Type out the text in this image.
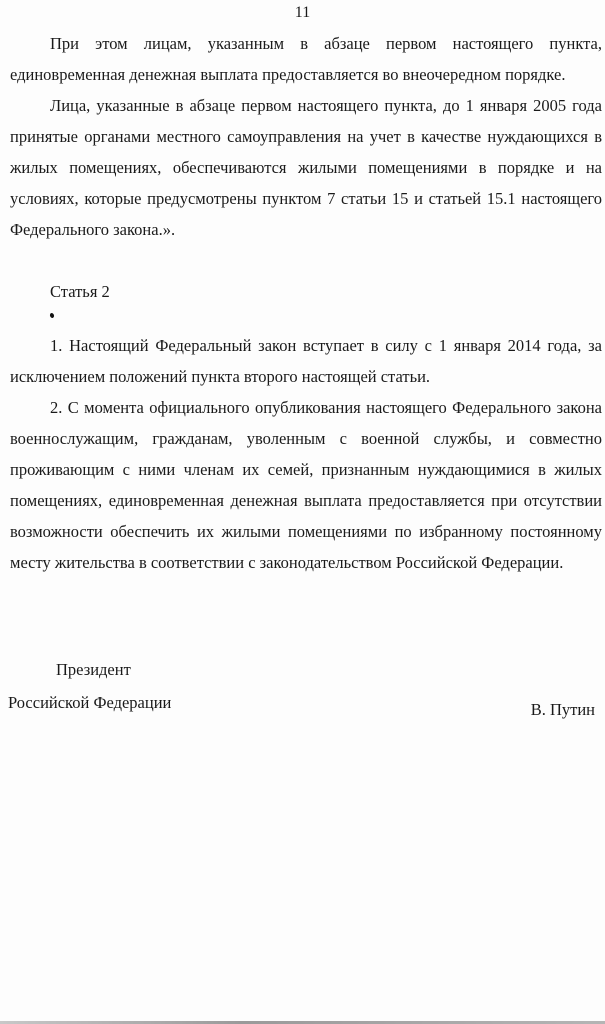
11

При этом лицам, указанным в абзаце первом настоящего пункта, единовременная денежная выплата предоставляется во внеочередном порядке.

Лица, указанные в абзаце первом настоящего пункта, до 1 января 2005 года принятые органами местного самоуправления на учет в качестве нуждающихся в жилых помещениях, обеспечиваются жилыми помещениями в порядке и на условиях, которые предусмотрены пунктом 7 статьи 15 и статьей 15.1 настоящего Федерального закона.».

Статья 2

1. Настоящий Федеральный закон вступает в силу с 1 января 2014 года, за исключением положений пункта второго настоящей статьи.

2. С момента официального опубликования настоящего Федерального закона военнослужащим, гражданам, уволенным с военной службы, и совместно проживающим с ними членам их семей, признанным нуждающимися в жилых помещениях, единовременная денежная выплата предоставляется при отсутствии возможности обеспечить их жилыми помещениями по избранному постоянному месту жительства в соответствии с законодательством Российской Федерации.

Президент
Российской Федерации	В. Путин
